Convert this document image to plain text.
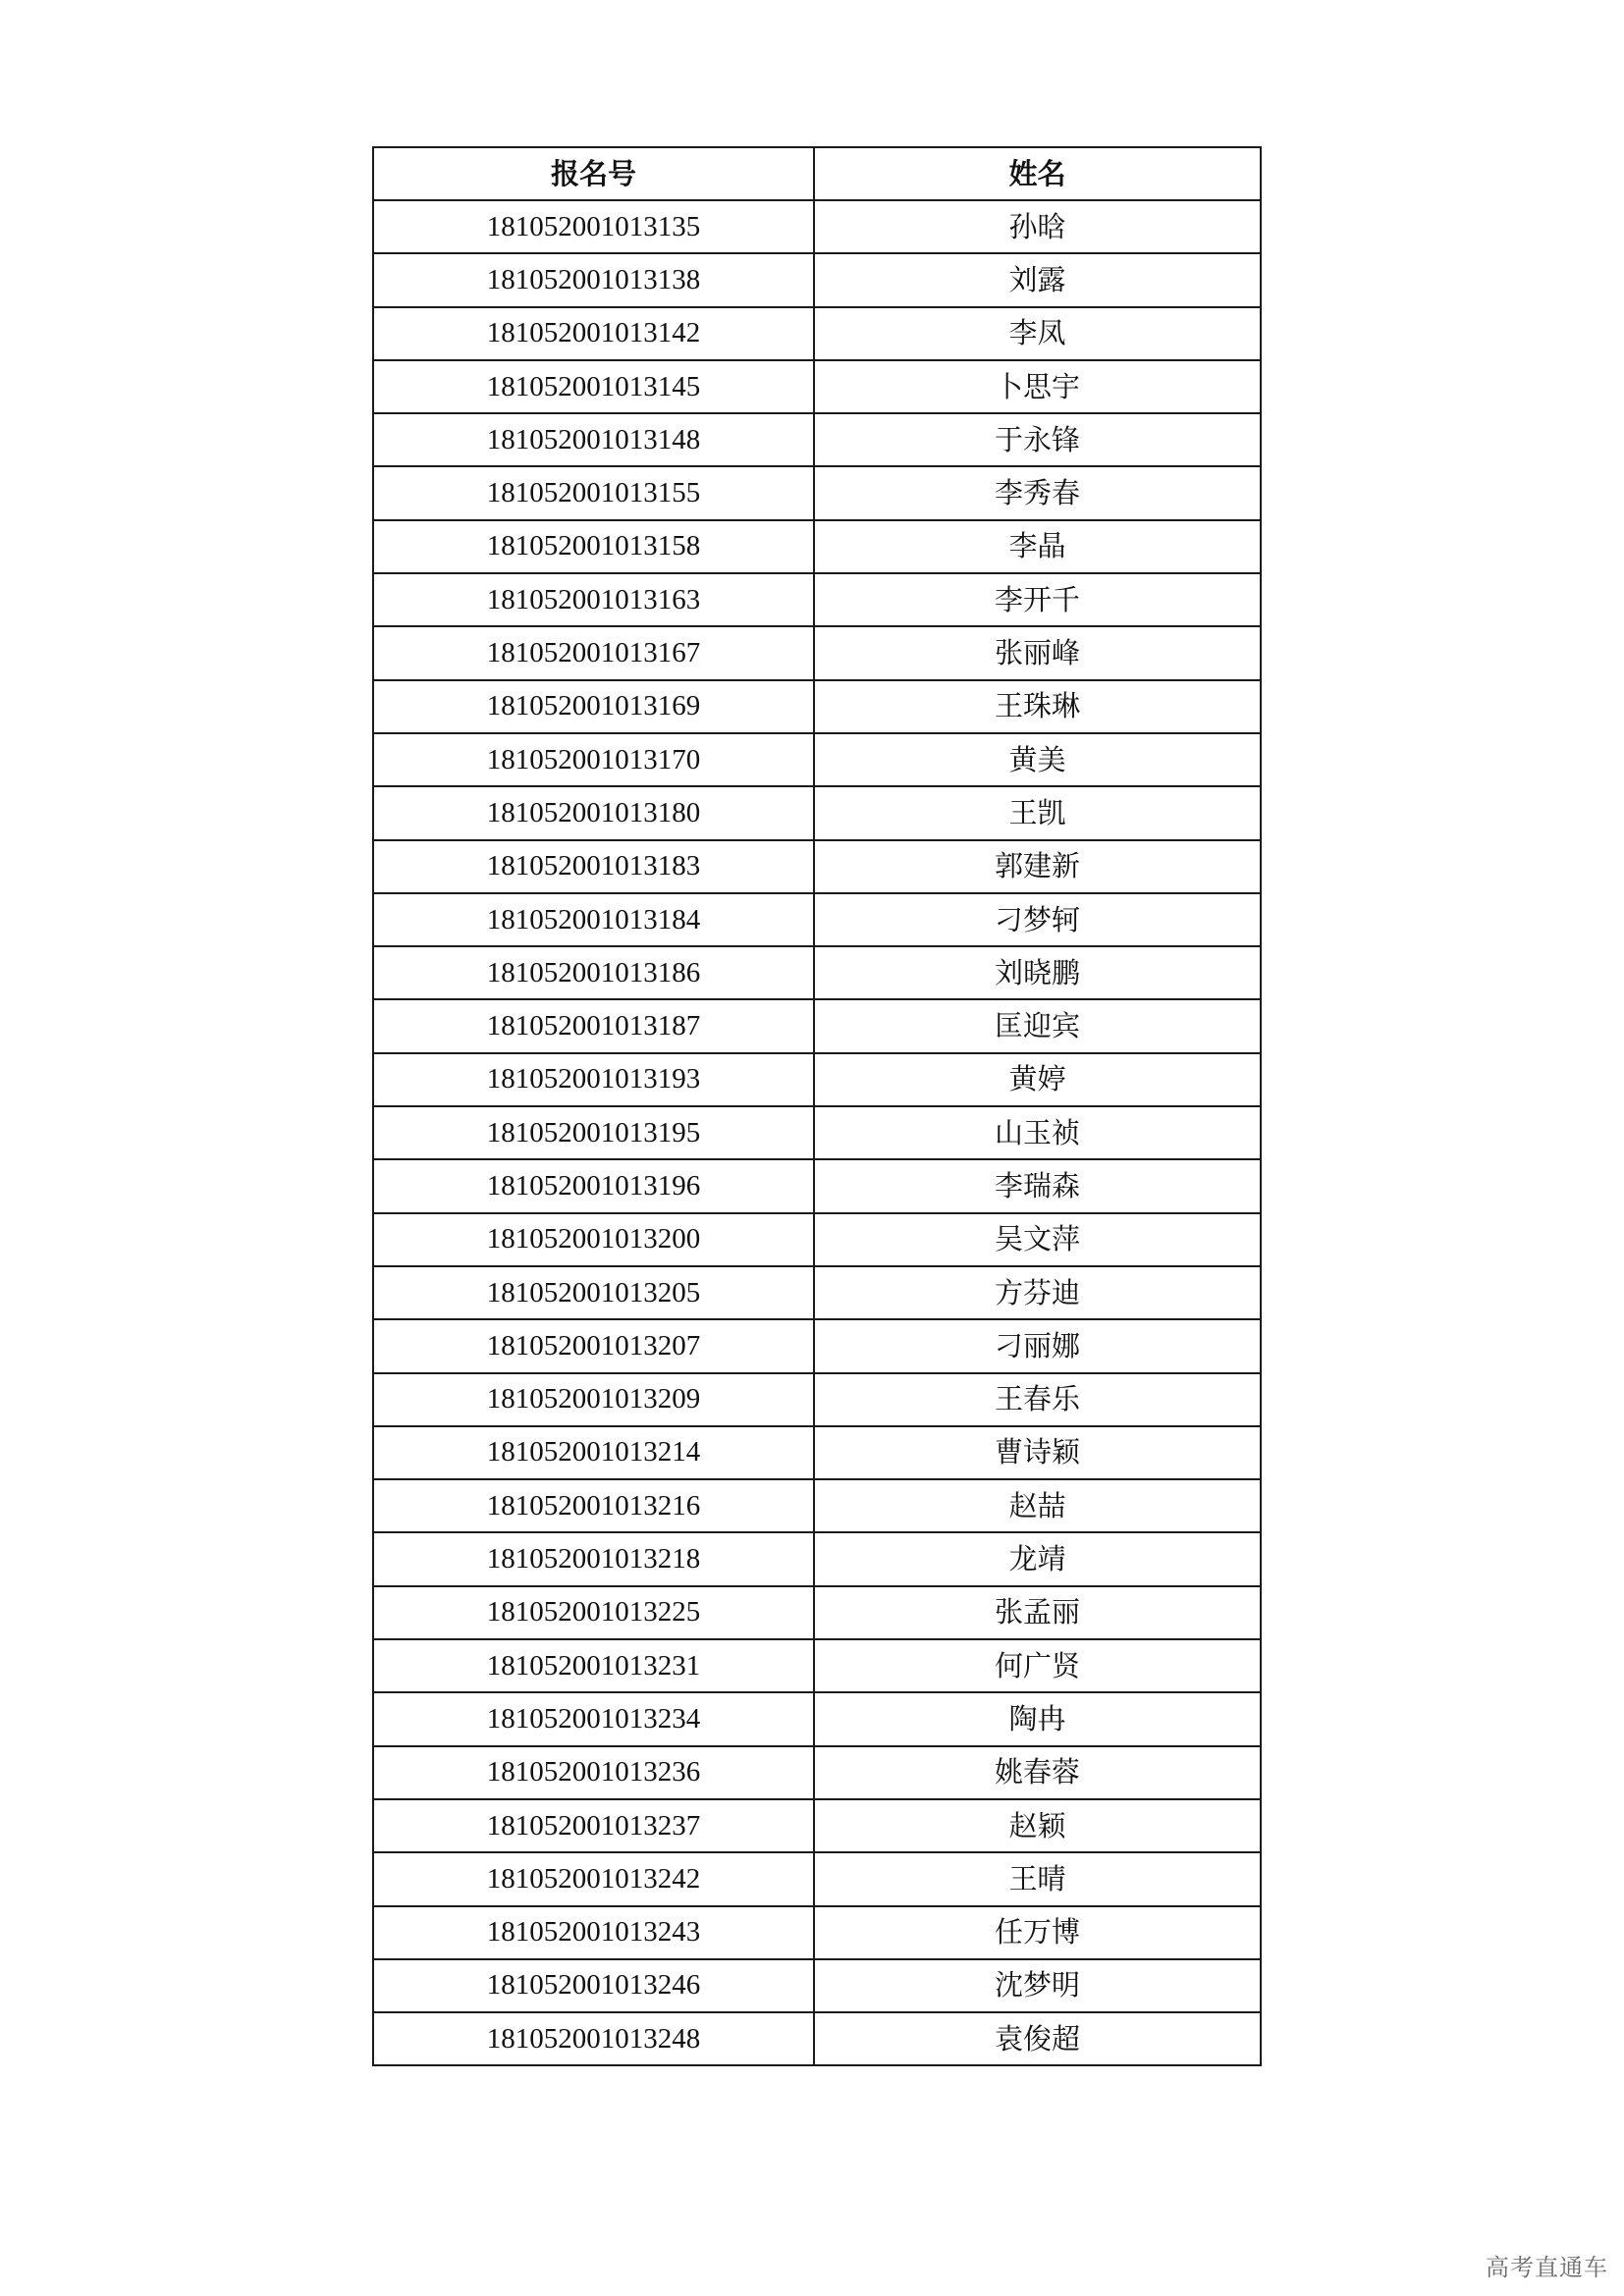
报名号	姓名
181052001013135	孙晗
181052001013138	刘露
181052001013142	李凤
181052001013145	卜思宇
181052001013148	于永锋
181052001013155	李秀春
181052001013158	李晶
181052001013163	李开千
181052001013167	张丽峰
181052001013169	王珠琳
181052001013170	黄美
181052001013180	王凯
181052001013183	郭建新
181052001013184	刁梦轲
181052001013186	刘晓鹏
181052001013187	匡迎宾
181052001013193	黄婷
181052001013195	山玉祯
181052001013196	李瑞森
181052001013200	吴文萍
181052001013205	方芬迪
181052001013207	刁丽娜
181052001013209	王春乐
181052001013214	曹诗颖
181052001013216	赵喆
181052001013218	龙靖
181052001013225	张孟丽
181052001013231	何广贤
181052001013234	陶冉
181052001013236	姚春蓉
181052001013237	赵颖
181052001013242	王晴
181052001013243	任万博
181052001013246	沈梦明
181052001013248	袁俊超
高考直通车
